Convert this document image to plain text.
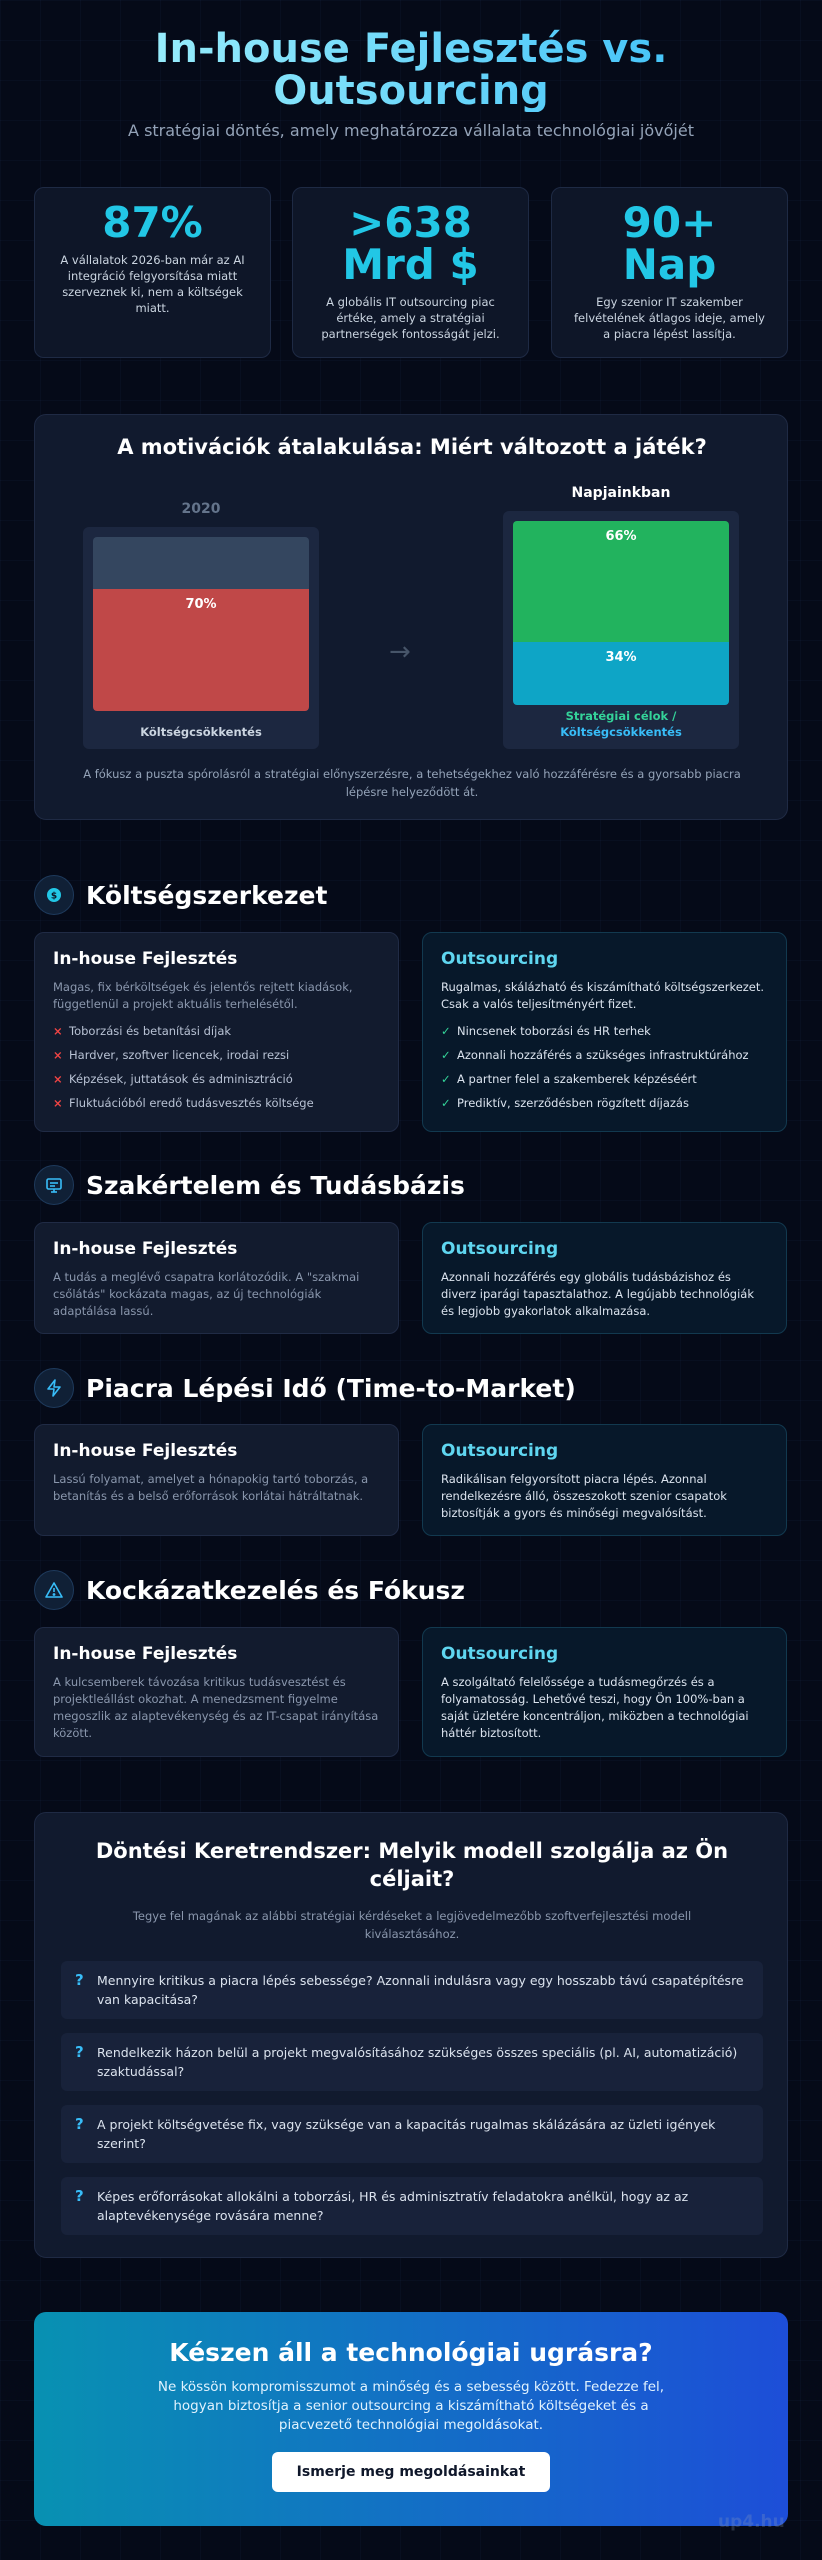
In-house Fejlesztés vs. Outsourcing

A stratégiai döntés, amely meghatározza vállalata technológiai jövőjét

87%
A vállalatok 2026-ban már az AI integráció felgyorsítása miatt szerveznek ki, nem a költségek miatt.
>638 Mrd $
A globális IT outsourcing piac értéke, amely a stratégiai partnerségek fontosságát jelzi.
90+ Nap
Egy szenior IT szakember felvételének átlagos ideje, amely a piacra lépést lassítja.
A motivációk átalakulása: Miért változott a játék?
2020
70%
Költségcsökkentés
→
Napjainkban
66%
34%
Stratégiai célok /
Költségcsökkentés
A fókusz a puszta spórolásról a stratégiai előnyszerzésre, a tehetségekhez való hozzáférésre és a gyorsabb piacra lépésre helyeződött át.
$ Költségszerkezet
In-house Fejlesztés
Magas, fix bérköltségek és jelentős rejtett kiadások, függetlenül a projekt aktuális terhelésétől.
× Toborzási és betanítási díjak
× Hardver, szoftver licencek, irodai rezsi
× Képzések, juttatások és adminisztráció
× Fluktuációból eredő tudásvesztés költsége
Outsourcing
Rugalmas, skálázható és kiszámítható költségszerkezet. Csak a valós teljesítményért fizet.
✓ Nincsenek toborzási és HR terhek
✓ Azonnali hozzáférés a szükséges infrastruktúrához
✓ A partner felel a szakemberek képzéséért
✓ Prediktív, szerződésben rögzített díjazás
Szakértelem és Tudásbázis
In-house Fejlesztés
A tudás a meglévő csapatra korlátozódik. A "szakmai csőlátás" kockázata magas, az új technológiák adaptálása lassú.
Outsourcing
Azonnali hozzáférés egy globális tudásbázishoz és diverz iparági tapasztalathoz. A legújabb technológiák és legjobb gyakorlatok alkalmazása.
Piacra Lépési Idő (Time-to-Market)
In-house Fejlesztés
Lassú folyamat, amelyet a hónapokig tartó toborzás, a betanítás és a belső erőforrások korlátai hátráltatnak.
Outsourcing
Radikálisan felgyorsított piacra lépés. Azonnal rendelkezésre álló, összeszokott szenior csapatok biztosítják a gyors és minőségi megvalósítást.
Kockázatkezelés és Fókusz
In-house Fejlesztés
A kulcsemberek távozása kritikus tudásvesztést és projektleállást okozhat. A menedzsment figyelme megoszlik az alaptevékenység és az IT-csapat irányítása között.
Outsourcing
A szolgáltató felelőssége a tudásmegőrzés és a folyamatosság. Lehetővé teszi, hogy Ön 100%-ban a saját üzletére koncentráljon, miközben a technológiai háttér biztosított.
Döntési Keretrendszer: Melyik modell szolgálja az Ön céljait?
Tegye fel magának az alábbi stratégiai kérdéseket a legjövedelmezőbb szoftverfejlesztési modell kiválasztásához.
?	Mennyire kritikus a piacra lépés sebessége? Azonnali indulásra vagy egy hosszabb távú csapatépítésre van kapacitása?
?	Rendelkezik házon belül a projekt megvalósításához szükséges összes speciális (pl. AI, automatizáció) szaktudással?
?	A projekt költségvetése fix, vagy szüksége van a kapacitás rugalmas skálázására az üzleti igények szerint?
?	Képes erőforrásokat allokálni a toborzási, HR és adminisztratív feladatokra anélkül, hogy az az alaptevékenysége rovására menne?
Készen áll a technológiai ugrásra?
Ne kössön kompromisszumot a minőség és a sebesség között. Fedezze fel, hogyan biztosítja a senior outsourcing a kiszámítható költségeket és a piacvezető technológiai megoldásokat.
Ismerje meg megoldásainkat
up4.hu
